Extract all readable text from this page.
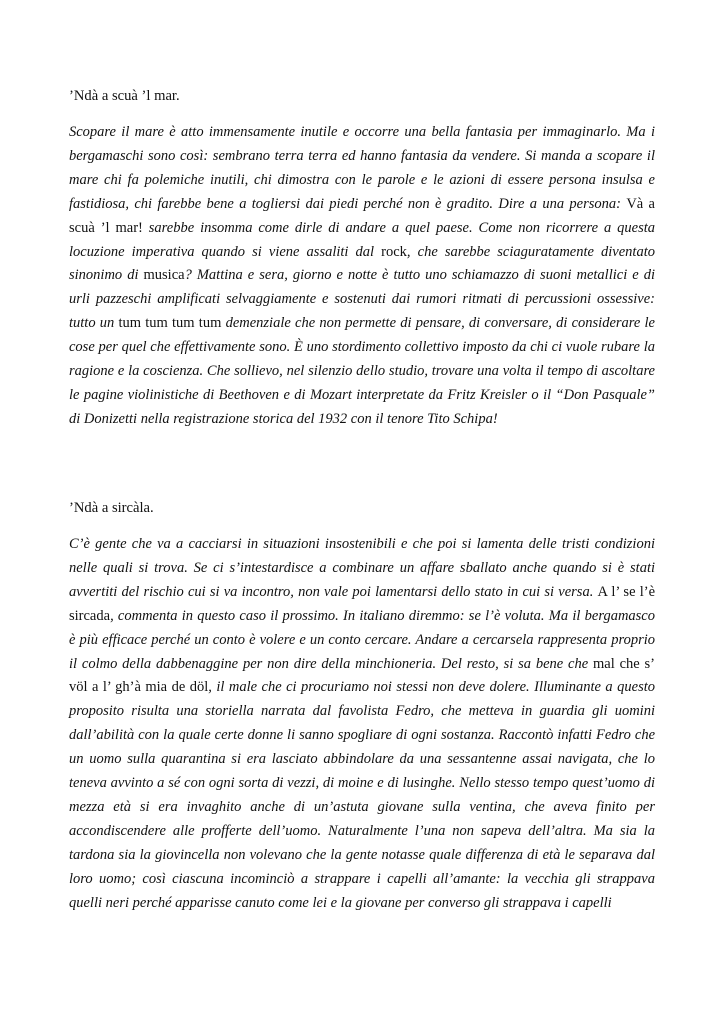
’Ndà a scuà ’l mar.

Scopare il mare è atto immensamente inutile e occorre una bella fantasia per immaginarlo. Ma i bergamaschi sono così: sembrano terra terra ed hanno fantasia da vendere. Si manda a scopare il mare chi fa polemiche inutili, chi dimostra con le parole e le azioni di essere persona insulsa e fastidiosa, chi farebbe bene a togliersi dai piedi perché non è gradito. Dire a una persona: Và a scuà ’l mar! sarebbe insomma come dirle di andare a quel paese. Come non ricorrere a questa locuzione imperativa quando si viene assaliti dal rock, che sarebbe sciaguratamente diventato sinonimo di musica? Mattina e sera, giorno e notte è tutto uno schiamazzo di suoni metallici e di urli pazzeschi amplificati selvaggiamente e sostenuti dai rumori ritmati di percussioni ossessive: tutto un tum tum tum tum demenziale che non permette di pensare, di conversare, di considerare le cose per quel che effettivamente sono. È uno stordimento collettivo imposto da chi ci vuole rubare la ragione e la coscienza. Che sollievo, nel silenzio dello studio, trovare una volta il tempo di ascoltare le pagine violinistiche di Beethoven e di Mozart interpretate da Fritz Kreisler o il “Don Pasquale” di Donizetti nella registrazione storica del 1932 con il tenore Tito Schipa!

’Ndà a sircàla.

C’è gente che va a cacciarsi in situazioni insostenibili e che poi si lamenta delle tristi condizioni nelle quali si trova. Se ci s’intestardisce a combinare un affare sballato anche quando si è stati avvertiti del rischio cui si va incontro, non vale poi lamentarsi dello stato in cui si versa. A l’ se l’è sircada, commenta in questo caso il prossimo. In italiano diremmo: se l’è voluta. Ma il bergamasco è più efficace perché un conto è volere e un conto cercare. Andare a cercarsela rappresenta proprio il colmo della dabbenaggine per non dire della minchioneria. Del resto, si sa bene che mal che s’ völ a l’ gh’à mia de döl, il male che ci procuriamo noi stessi non deve dolere. Illuminante a questo proposito risulta una storiella narrata dal favolista Fedro, che metteva in guardia gli uomini dall’abilità con la quale certe donne li sanno spogliare di ogni sostanza. Raccontò infatti Fedro che un uomo sulla quarantina si era lasciato abbindolare da una sessantenne assai navigata, che lo teneva avvinto a sé con ogni sorta di vezzi, di moine e di lusinghe. Nello stesso tempo quest’uomo di mezza età si era invaghito anche di un’astuta giovane sulla ventina, che aveva finito per accondiscendere alle profferte dell’uomo. Naturalmente l’una non sapeva dell’altra. Ma sia la tardona sia la giovincella non volevano che la gente notasse quale differenza di età le separava dal loro uomo; così ciascuna incominciò a strappare i capelli all’amante: la vecchia gli strappava quelli neri perché apparisse canuto come lei e la giovane per converso gli strappava i capelli
